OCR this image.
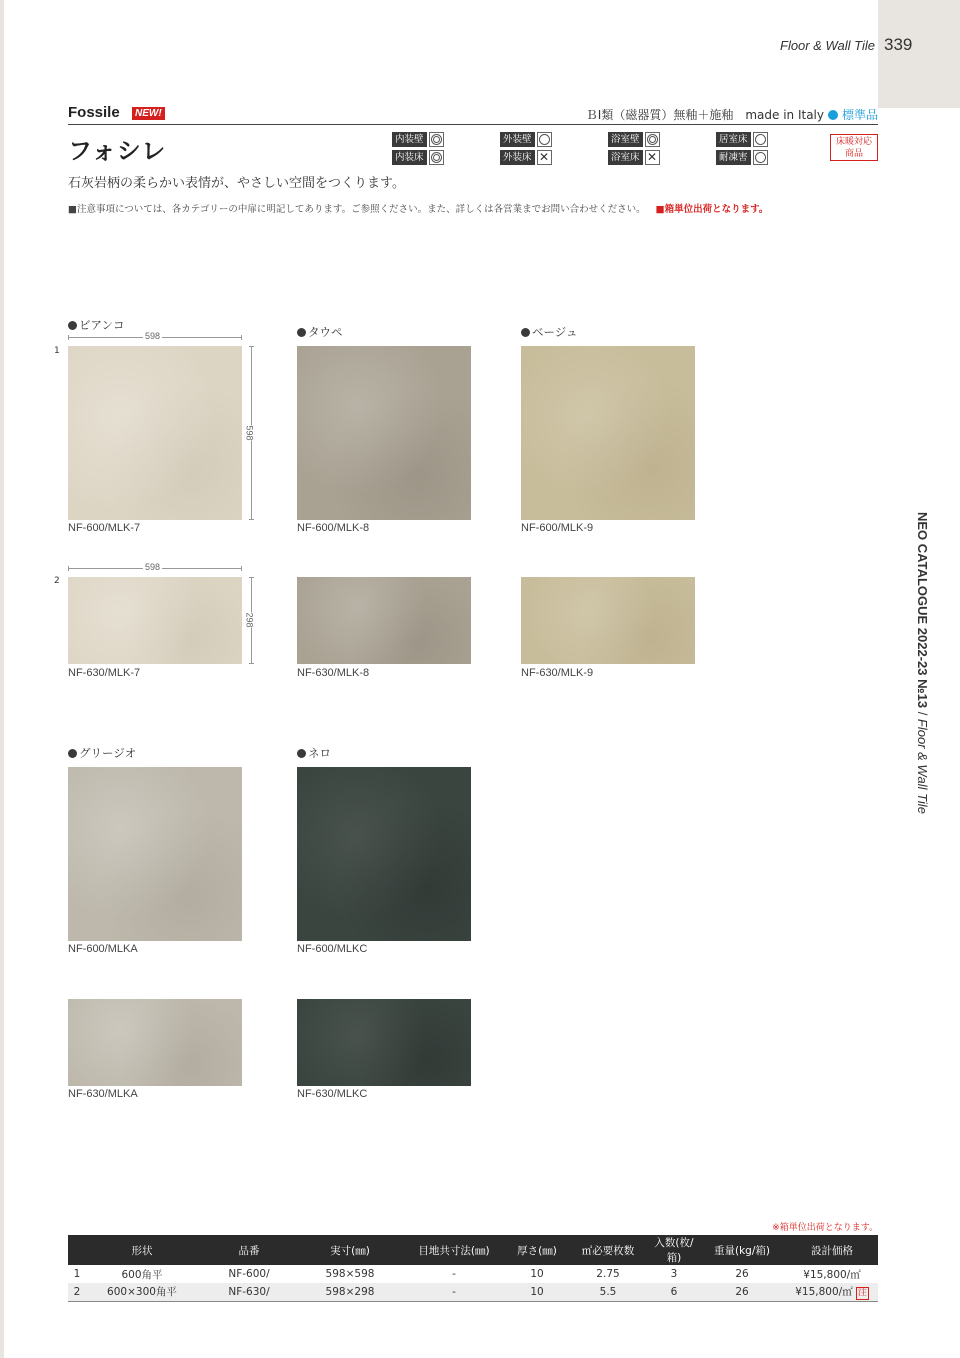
Floor & Wall Tile 339
Fossile	NEW!	ＢⅠ類（磁器質）無釉＋施釉　made in Italy 標準品
フォシレ	内装壁	外装壁	浴室壁	居室床
内装床	外装床 ✕	浴室床 ✕	耐凍害
床暖対応
商品
石灰岩柄の柔らかい表情が、やさしい空間をつくります。
■注意事項については、各カテゴリーの中扉に明記してあります。ご参照ください。また、詳しくは各営業までお問い合わせください。 ■箱単位出荷となります。
1
2
ビアンコ	タウペ	ベージュ
グリージオ	ネロ
598
598
598
298
NF-600/MLK-7	NF-600/MLK-8	NF-600/MLK-9
NF-630/MLK-7	NF-630/MLK-8	NF-630/MLK-9
NF-600/MLKA	NF-600/MLKC
NF-630/MLKA	NF-630/MLKC
NEO CATALOGUE 2022-23 №13 / Floor & Wall Tile
※箱単位出荷となります。
	形状	品番	実寸(㎜)	目地共寸法(㎜)	厚さ(㎜)	㎡必要枚数	入数(枚/箱)	重量(kg/箱)	設計価格
1	600角平	NF-600/	598×598	-	10	2.75	3	26	¥15,800/㎡
2	600×300角平	NF-630/	598×298	-	10	5.5	6	26	¥15,800/㎡ 注
